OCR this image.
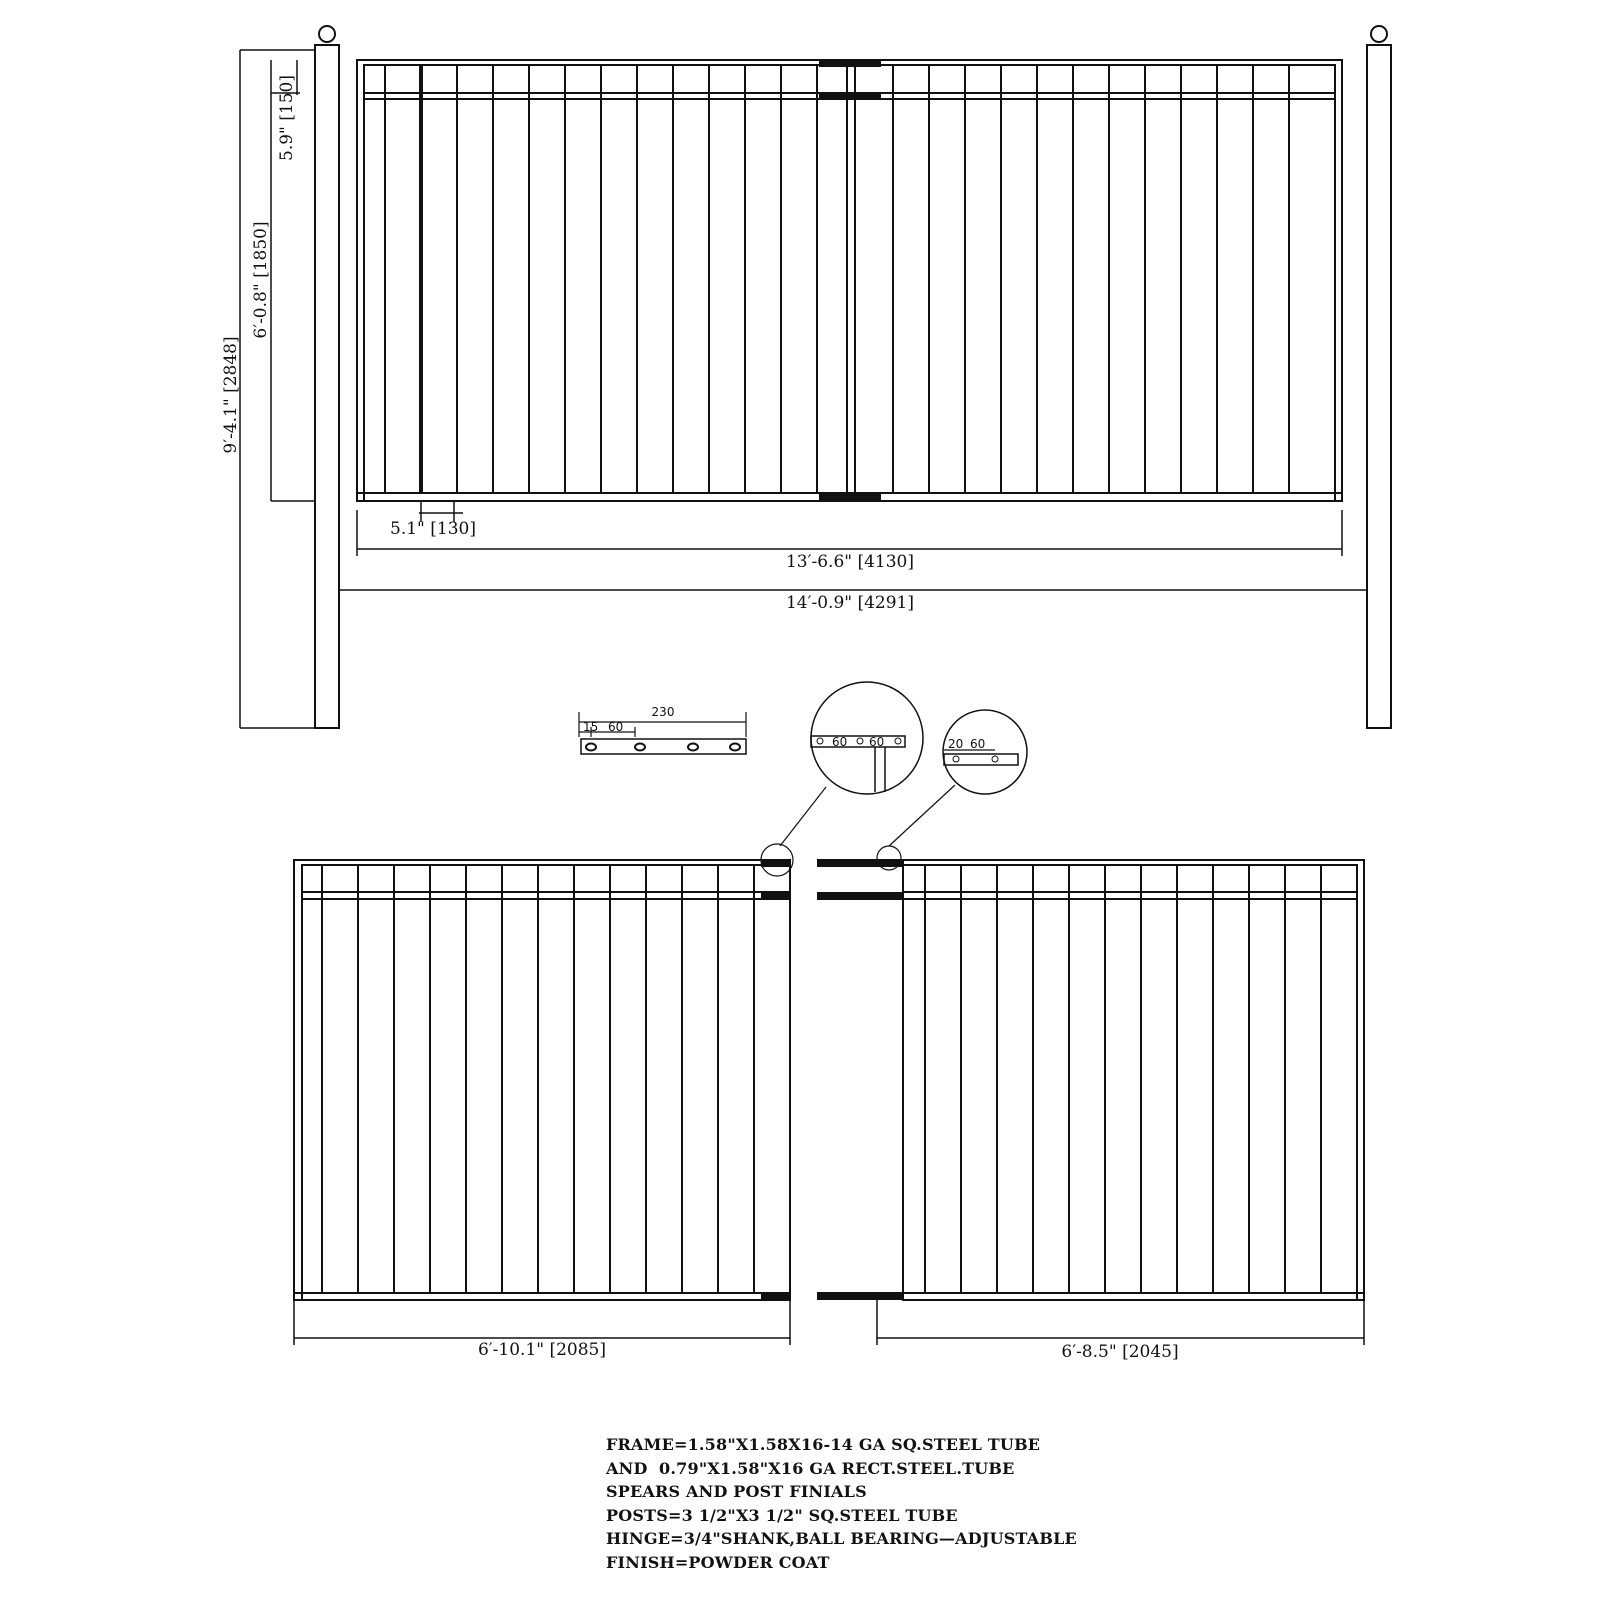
9′-4.1" [2848]
6′-0.8" [1850]
5.9" [150]
5.1" [130]
13′-6.6" [4130]
14′-0.9" [4291]
6′-10.1" [2085]	6′-8.5" [2045]
230
15 60
60 60	20 60
FRAME=1.58"X1.58X16-14 GA SQ.STEEL TUBE
AND  0.79"X1.58"X16 GA RECT.STEEL.TUBE
SPEARS AND POST FINIALS
POSTS=3 1/2"X3 1/2" SQ.STEEL TUBE
HINGE=3/4"SHANK,BALL BEARING—ADJUSTABLE
FINISH=POWDER COAT
